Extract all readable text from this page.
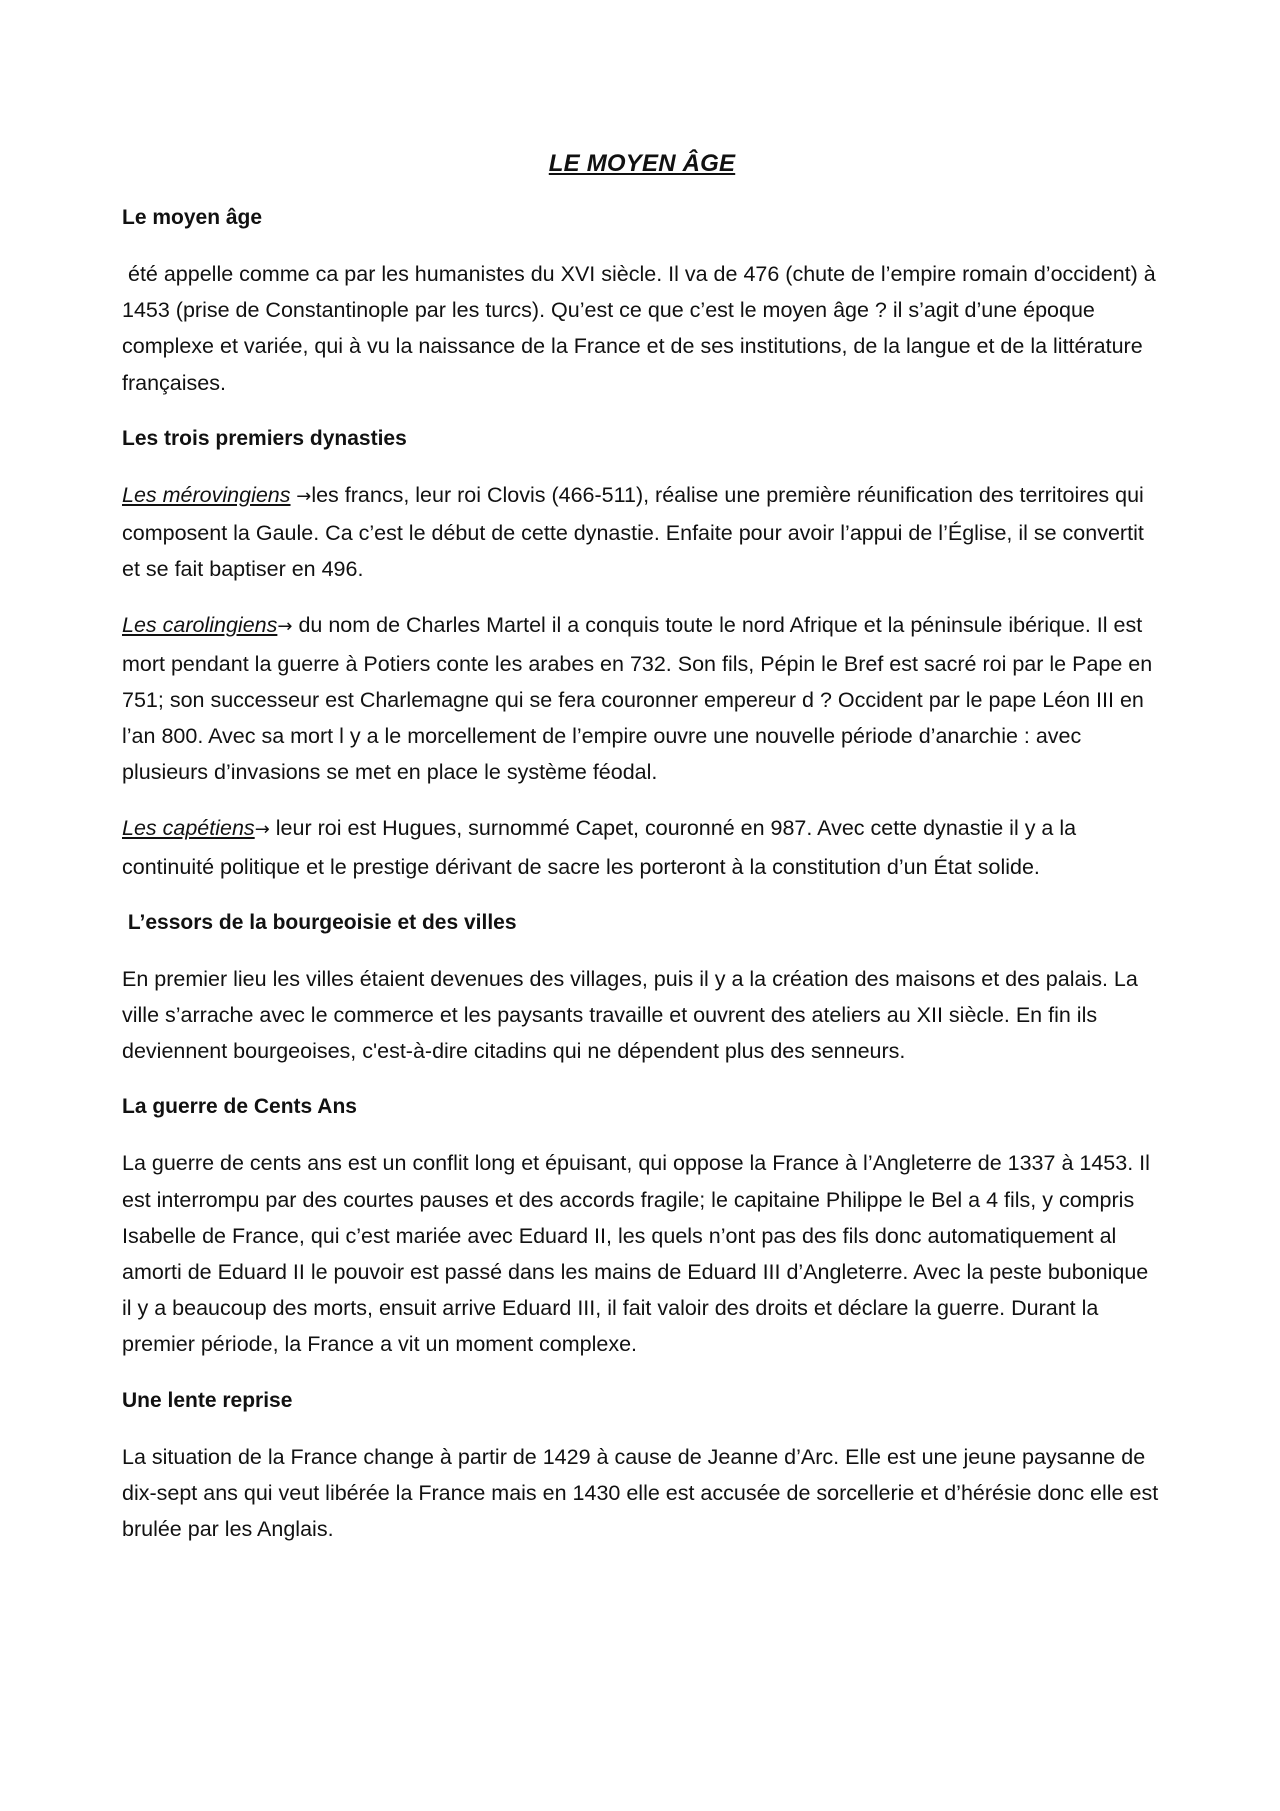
LE MOYEN ÂGE
Le moyen âge
été appelle comme ca par les humanistes du XVI siècle. Il va de 476 (chute de l’empire romain d’occident) à 1453 (prise de Constantinople par les turcs). Qu’est ce que c’est le moyen âge ? il s’agit d’une époque complexe et variée, qui à vu la naissance de la France et de ses institutions, de la langue et de la littérature françaises.
Les trois premiers dynasties
Les mérovingiens →les francs, leur roi Clovis (466-511), réalise une première réunification des territoires qui composent la Gaule. Ca c’est le début de cette dynastie. Enfaite pour avoir l’appui de l’Église, il se convertit et se fait baptiser en 496.
Les carolingiens→ du nom de Charles Martel il a conquis toute le nord Afrique et la péninsule ibérique. Il est mort pendant la guerre à Potiers conte les arabes en 732. Son fils, Pépin le Bref est sacré roi par le Pape en 751; son successeur est Charlemagne qui se fera couronner empereur d ? Occident par le pape Léon III en l’an 800. Avec sa mort l y a le morcellement de l’empire ouvre une nouvelle période d’anarchie : avec plusieurs d’invasions se met en place le système féodal.
Les capétiens→ leur roi est Hugues, surnommé Capet, couronné en 987. Avec cette dynastie il y a la continuité politique et le prestige dérivant de sacre les porteront à la constitution d’un État solide.
L’essors de la bourgeoisie et des villes
En premier lieu les villes étaient devenues des villages, puis il y a la création des maisons et des palais. La ville s’arrache avec le commerce et les paysants travaille et ouvrent des ateliers au XII siècle. En fin ils deviennent bourgeoises, c'est-à-dire citadins qui ne dépendent plus des senneurs.
La guerre de Cents Ans
La guerre de cents ans est un conflit long et épuisant, qui oppose la France à l’Angleterre de 1337 à 1453. Il est interrompu par des courtes pauses et des accords fragile; le capitaine Philippe le Bel a 4 fils, y compris Isabelle de France, qui c’est mariée avec Eduard II, les quels n’ont pas des fils donc automatiquement al amorti de Eduard II le pouvoir est passé dans les mains de Eduard III d’Angleterre. Avec la peste bubonique il y a beaucoup des morts, ensuit arrive Eduard III, il fait valoir des droits et déclare la guerre. Durant la premier période, la France a vit un moment complexe.
Une lente reprise
La situation de la France change à partir de 1429 à cause de Jeanne d’Arc. Elle est une jeune paysanne de dix-sept ans qui veut libérée la France mais en 1430 elle est accusée de sorcellerie et d’hérésie donc elle est brulée par les Anglais.
